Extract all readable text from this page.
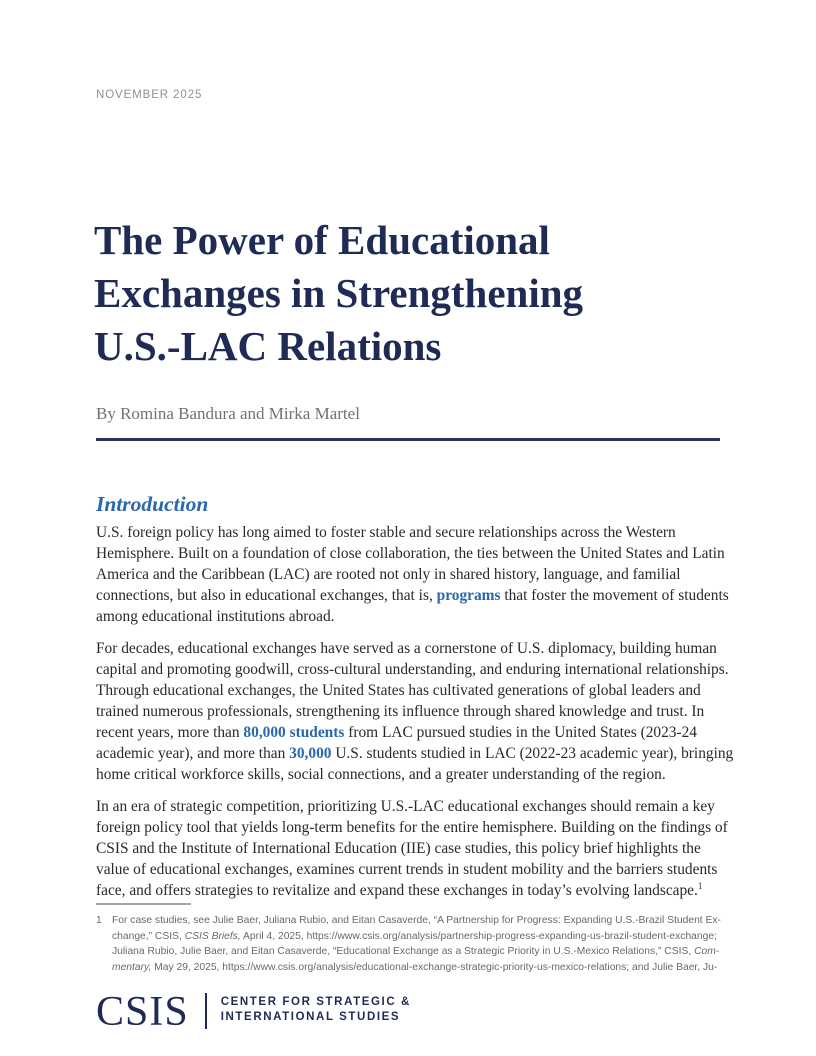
NOVEMBER 2025
The Power of Educational
Exchanges in Strengthening
U.S.-LAC Relations
By Romina Bandura and Mirka Martel
Introduction

U.S. foreign policy has long aimed to foster stable and secure relationships across the Western Hemisphere. Built on a foundation of close collaboration, the ties between the United States and Latin America and the Caribbean (LAC) are rooted not only in shared history, language, and familial connections, but also in educational exchanges, that is, programs that foster the movement of students among educational institutions abroad.

For decades, educational exchanges have served as a cornerstone of U.S. diplomacy, building human capital and promoting goodwill, cross-cultural understanding, and enduring international relationships. Through educational exchanges, the United States has cultivated generations of global leaders and trained numerous professionals, strengthening its influence through shared knowledge and trust. In recent years, more than 80,000 students from LAC pursued studies in the United States (2023-24 academic year), and more than 30,000 U.S. students studied in LAC (2022-23 academic year), bringing home critical workforce skills, social connections, and a greater understanding of the region.

In an era of strategic competition, prioritizing U.S.-LAC educational exchanges should remain a key foreign policy tool that yields long-term benefits for the entire hemisphere. Building on the findings of CSIS and the Institute of International Education (IIE) case studies, this policy brief highlights the value of educational exchanges, examines current trends in student mobility and the barriers students face, and offers strategies to revitalize and expand these exchanges in today’s evolving landscape.$^1$

1 For case studies, see Julie Baer, Juliana Rubio, and Eitan Casaverde, “A Partnership for Progress: Expanding U.S.-Brazil Student Ex-
change,” CSIS, CSIS Briefs, April 4, 2025, https://www.csis.org/analysis/partnership-progress-expanding-us-brazil-student-exchange;
Juliana Rubio, Julie Baer, and Eitan Casaverde, “Educational Exchange as a Strategic Priority in U.S.-Mexico Relations,” CSIS, Com-
mentary, May 29, 2025, https://www.csis.org/analysis/educational-exchange-strategic-priority-us-mexico-relations; and Julie Baer, Ju-
CSIS	CENTER FOR STRATEGIC &
INTERNATIONAL STUDIES
